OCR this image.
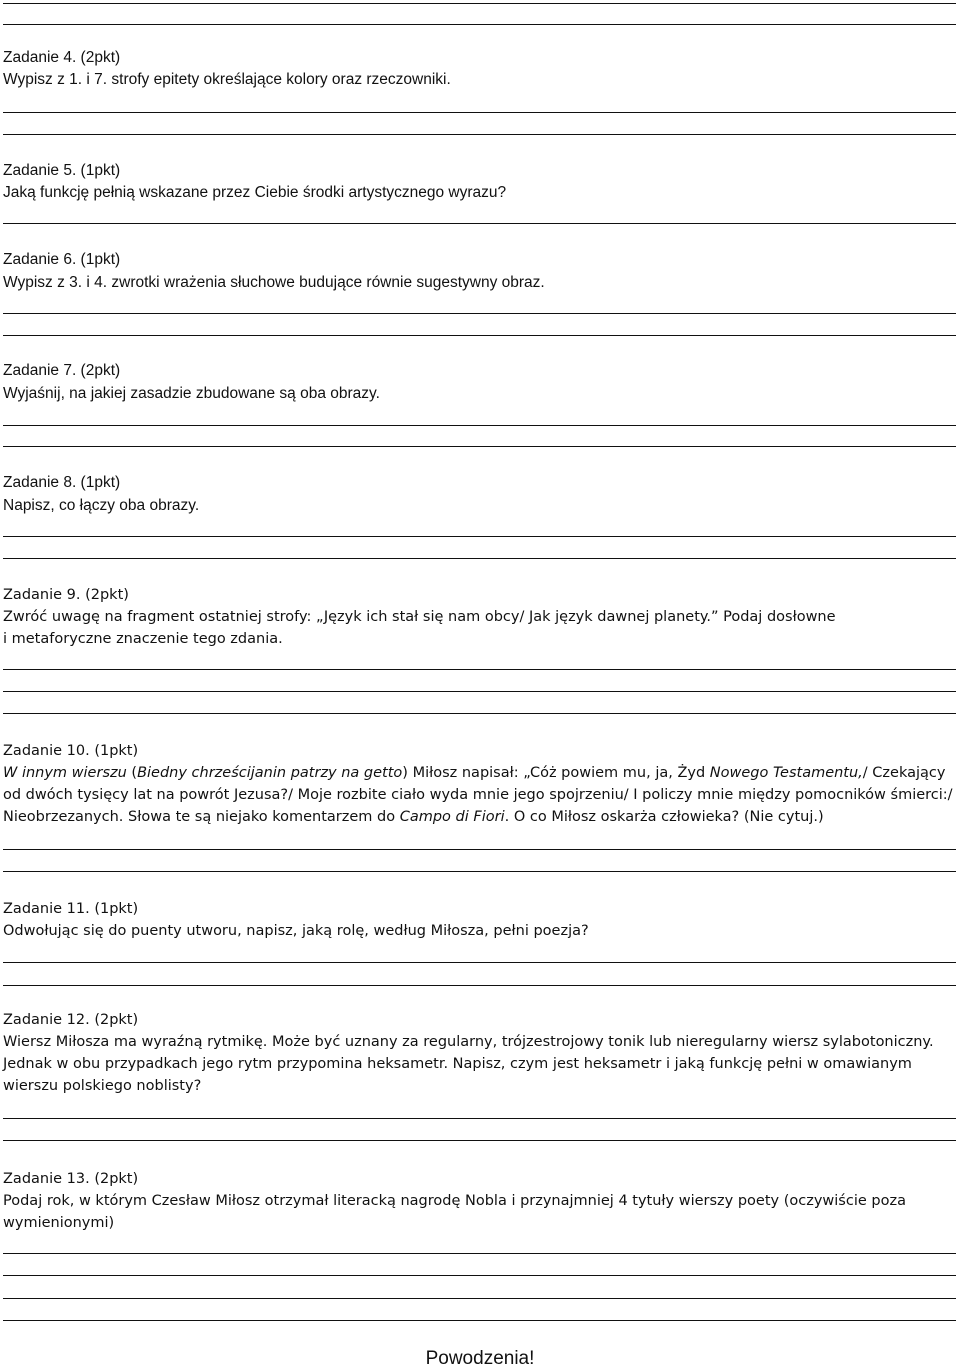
Zadanie 4. (2pkt)
Wypisz z 1. i 7. strofy epitety określające kolory oraz rzeczowniki.
Zadanie 5. (1pkt)
Jaką funkcję pełnią wskazane przez Ciebie środki artystycznego wyrazu?
Zadanie 6. (1pkt)
Wypisz z 3. i 4. zwrotki wrażenia słuchowe budujące równie sugestywny obraz.
Zadanie 7. (2pkt)
Wyjaśnij, na jakiej zasadzie zbudowane są oba obrazy.
Zadanie 8. (1pkt)
Napisz, co łączy oba obrazy.
Zadanie 9. (2pkt)
Zwróć uwagę na fragment ostatniej strofy: „Język ich stał się nam obcy/ Jak język dawnej planety.” Podaj dosłowne
i metaforyczne znaczenie tego zdania.
Zadanie 10. (1pkt)
W innym wierszu (Biedny chrześcijanin patrzy na getto) Miłosz napisał: „Cóż powiem mu, ja, Żyd Nowego Testamentu,/ Czekający od dwóch tysięcy lat na powrót Jezusa?/ Moje rozbite ciało wyda mnie jego spojrzeniu/ I policzy mnie między pomocników śmierci:/ Nieobrzezanych. Słowa te są niejako komentarzem do Campo di Fiori. O co Miłosz oskarża człowieka? (Nie cytuj.)
Zadanie 11. (1pkt)
Odwołując się do puenty utworu, napisz, jaką rolę, według Miłosza, pełni poezja?
Zadanie 12. (2pkt)
Wiersz Miłosza ma wyraźną rytmikę. Może być uznany za regularny, trójzestrojowy tonik lub nieregularny wiersz sylabotoniczny. Jednak w obu przypadkach jego rytm przypomina heksametr. Napisz, czym jest heksametr i jaką funkcję pełni w omawianym wierszu polskiego noblisty?
Zadanie 13. (2pkt)
Podaj rok, w którym Czesław Miłosz otrzymał literacką nagrodę Nobla i przynajmniej 4 tytuły wierszy poety (oczywiście poza wymienionymi)
Powodzenia!
